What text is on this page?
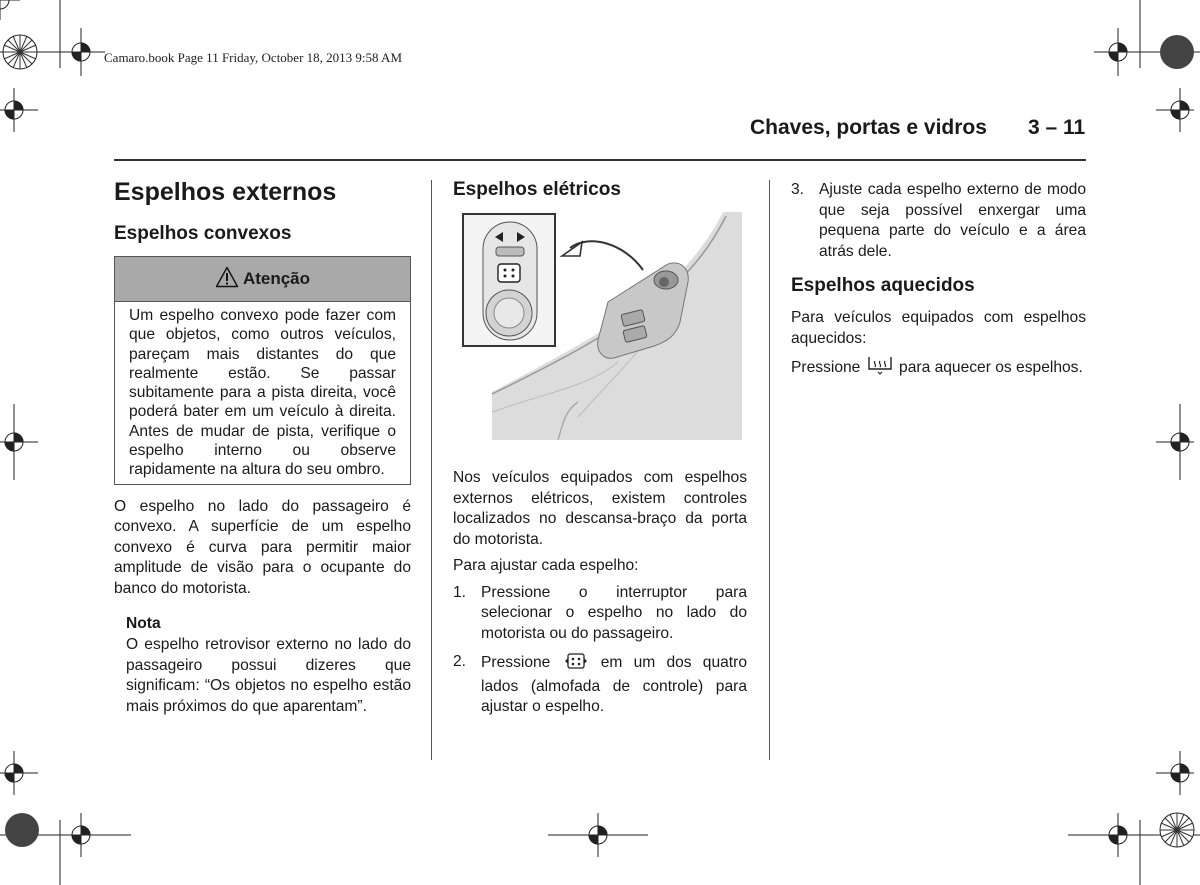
Camaro.book Page 11 Friday, October 18, 2013 9:58 AM
Chaves, portas e vidros 3 – 11
Espelhos externos
Espelhos convexos
Atenção

Um espelho convexo pode fazer com que objetos, como outros veículos, pareçam mais distantes do que realmente estão. Se passar subitamente para a pista direita, você poderá bater em um veículo à direita. Antes de mudar de pista, verifique o espelho interno ou observe rapidamente na altura do seu ombro.

O espelho no lado do passageiro é convexo. A superfície de um espelho convexo é curva para permitir maior amplitude de visão para o ocupante do banco do motorista.

Nota

O espelho retrovisor externo no lado do passageiro possui dizeres que significam: “Os objetos no espelho estão mais próximos do que aparentam”.

Espelhos elétricos

Nos veículos equipados com espelhos externos elétricos, existem controles localizados no descansa-braço da porta do motorista.

Para ajustar cada espelho:

1. Pressione o interruptor para selecionar o espelho no lado do motorista ou do passageiro.
2. Pressione	em um dos quatro lados (almofada de controle) para ajustar o espelho.
3. Ajuste cada espelho externo de modo que seja possível enxergar uma pequena parte do veículo e a área atrás dele.
Espelhos aquecidos

Para veículos equipados com espelhos aquecidos:

Pressione para aquecer os espelhos.
